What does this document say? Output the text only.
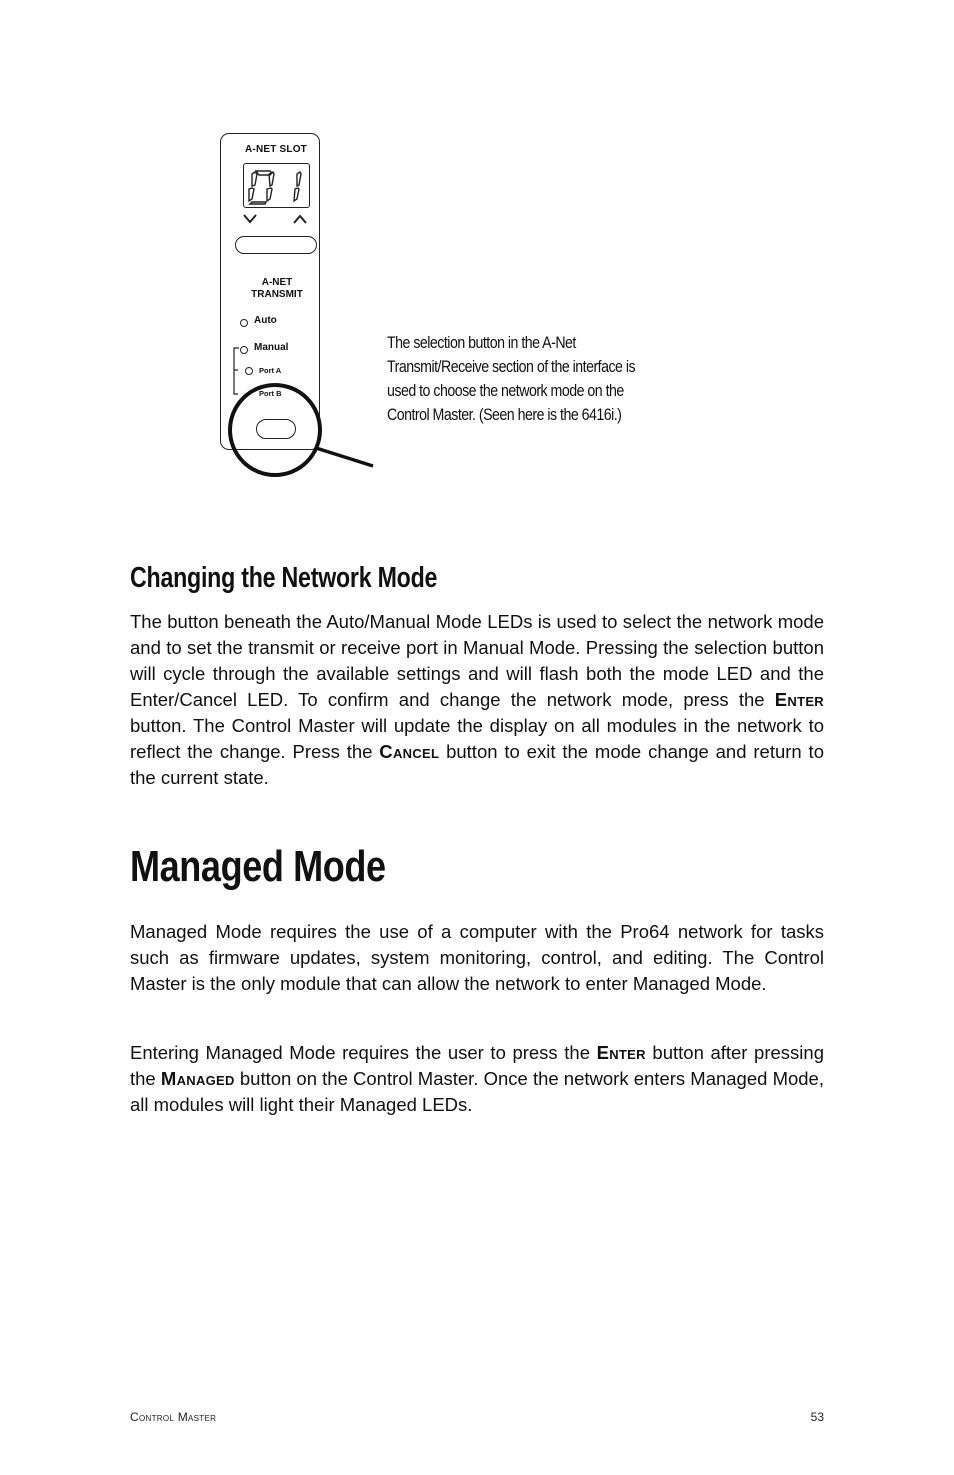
A-NET SLOT
A-NET
TRANSMIT
Auto
Manual
Port A
Port B
The selection button in the A-Net Transmit/Receive section of the interface is used to choose the network mode on the Control Master. (Seen here is the 6416i.)
Changing the Network Mode

The button beneath the Auto/Manual Mode LEDs is used to select the network mode and to set the transmit or receive port in Manual Mode. Pressing the selection button will cycle through the available settings and will flash both the mode LED and the Enter/Cancel LED. To confirm and change the network mode, press the Enter button. The Control Master will update the display on all modules in the network to reflect the change. Press the Cancel button to exit the mode change and return to the current state.

Managed Mode

Managed Mode requires the use of a computer with the Pro64 network for tasks such as firmware updates, system monitoring, control, and editing. The Control Master is the only module that can allow the network to enter Managed Mode.

Entering Managed Mode requires the user to press the Enter button after pressing the Managed button on the Control Master. Once the network enters Managed Mode, all modules will light their Managed LEDs.

Control Master	53
